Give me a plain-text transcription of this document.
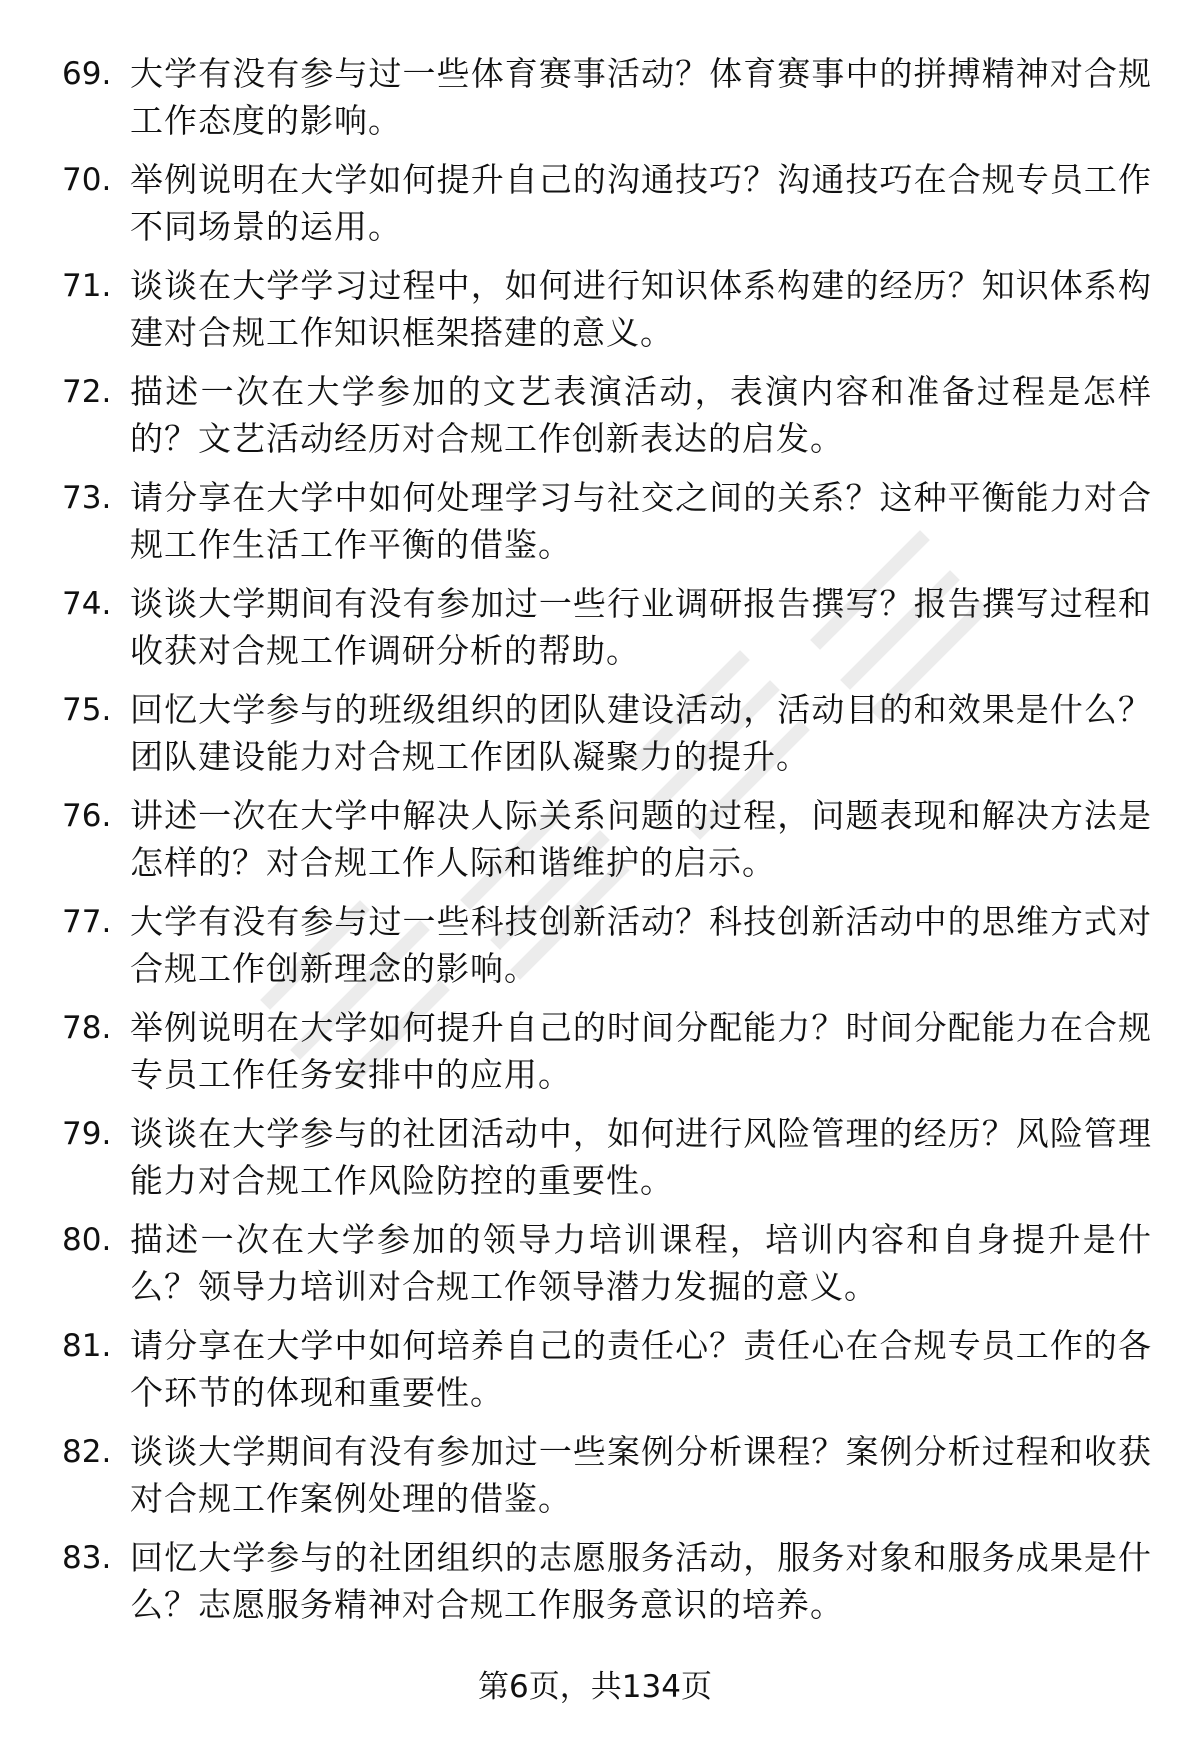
69. 大学有没有参与过一些体育赛事活动？体育赛事中的拼搏精神对合规工作态度的影响。
70. 举例说明在大学如何提升自己的沟通技巧？沟通技巧在合规专员工作不同场景的运用。
71. 谈谈在大学学习过程中，如何进行知识体系构建的经历？知识体系构建对合规工作知识框架搭建的意义。
72. 描述一次在大学参加的文艺表演活动，表演内容和准备过程是怎样的？文艺活动经历对合规工作创新表达的启发。
73. 请分享在大学中如何处理学习与社交之间的关系？这种平衡能力对合规工作生活工作平衡的借鉴。
74. 谈谈大学期间有没有参加过一些行业调研报告撰写？报告撰写过程和收获对合规工作调研分析的帮助。
75. 回忆大学参与的班级组织的团队建设活动，活动目的和效果是什么？团队建设能力对合规工作团队凝聚力的提升。
76. 讲述一次在大学中解决人际关系问题的过程，问题表现和解决方法是怎样的？对合规工作人际和谐维护的启示。
77. 大学有没有参与过一些科技创新活动？科技创新活动中的思维方式对合规工作创新理念的影响。
78. 举例说明在大学如何提升自己的时间分配能力？时间分配能力在合规专员工作任务安排中的应用。
79. 谈谈在大学参与的社团活动中，如何进行风险管理的经历？风险管理能力对合规工作风险防控的重要性。
80. 描述一次在大学参加的领导力培训课程，培训内容和自身提升是什么？领导力培训对合规工作领导潜力发掘的意义。
81. 请分享在大学中如何培养自己的责任心？责任心在合规专员工作的各个环节的体现和重要性。
82. 谈谈大学期间有没有参加过一些案例分析课程？案例分析过程和收获对合规工作案例处理的借鉴。
83. 回忆大学参与的社团组织的志愿服务活动，服务对象和服务成果是什么？志愿服务精神对合规工作服务意识的培养。
第6页，共134页
